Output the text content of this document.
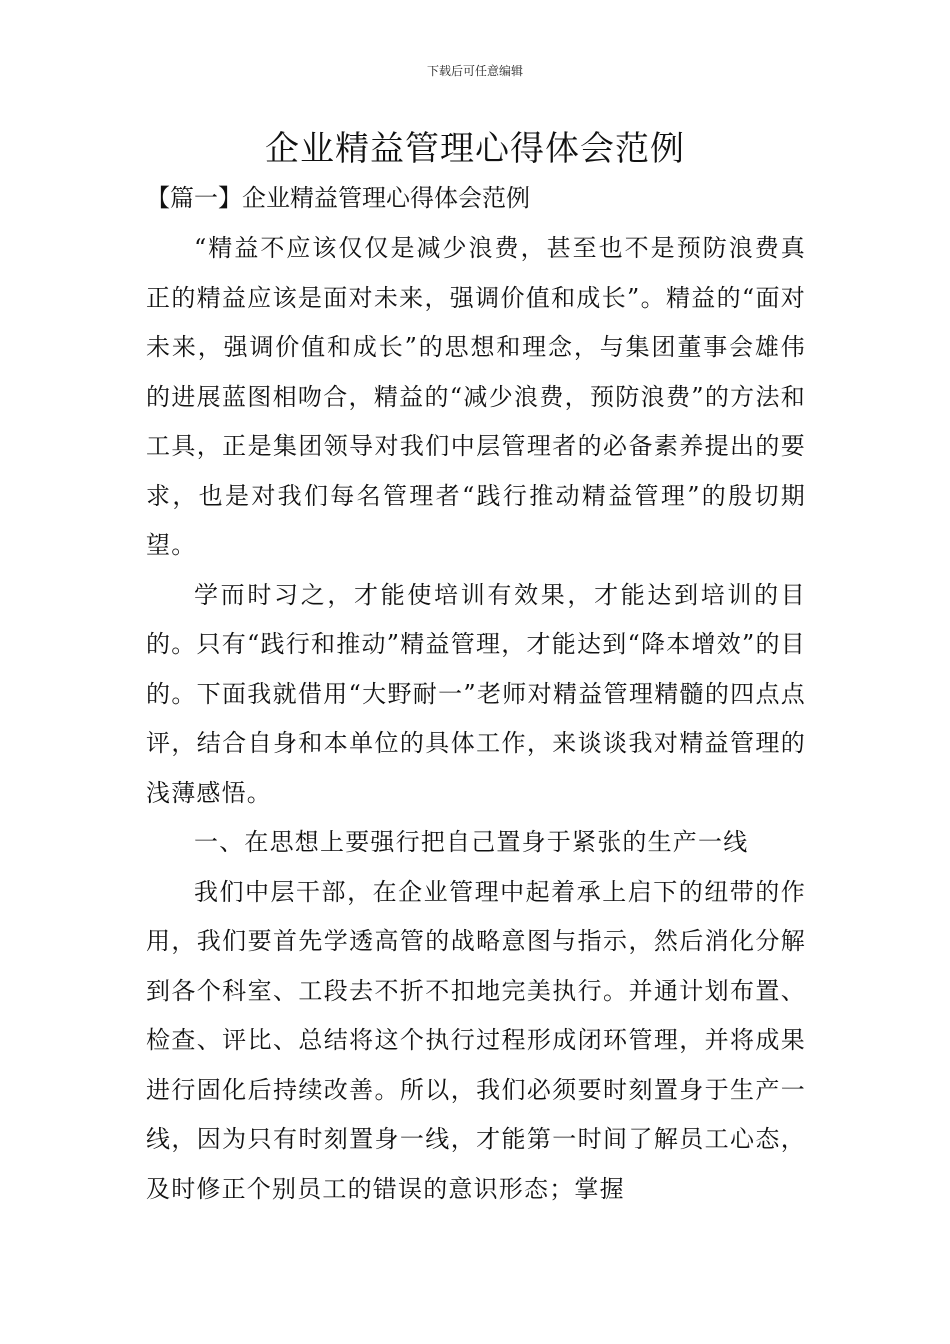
下载后可任意编辑
企业精益管理心得体会范例
【篇一】企业精益管理心得体会范例

“精益不应该仅仅是减少浪费，甚至也不是预防浪费真正的精益应该是面对未来，强调价值和成长”。精益的“面对未来，强调价值和成长”的思想和理念，与集团董事会雄伟的进展蓝图相吻合，精益的“减少浪费，预防浪费”的方法和工具，正是集团领导对我们中层管理者的必备素养提出的要求，也是对我们每名管理者“践行推动精益管理”的殷切期望。

学而时习之，才能使培训有效果，才能达到培训的目的。只有“践行和推动”精益管理，才能达到“降本增效”的目的。下面我就借用“大野耐一”老师对精益管理精髓的四点点评，结合自身和本单位的具体工作，来谈谈我对精益管理的浅薄感悟。

一、在思想上要强行把自己置身于紧张的生产一线

我们中层干部，在企业管理中起着承上启下的纽带的作用，我们要首先学透高管的战略意图与指示，然后消化分解到各个科室、工段去不折不扣地完美执行。并通计划布置、检查、评比、总结将这个执行过程形成闭环管理，并将成果进行固化后持续改善。所以，我们必须要时刻置身于生产一线，因为只有时刻置身一线，才能第一时间了解员工心态，及时修正个别员工的错误的意识形态；掌握
